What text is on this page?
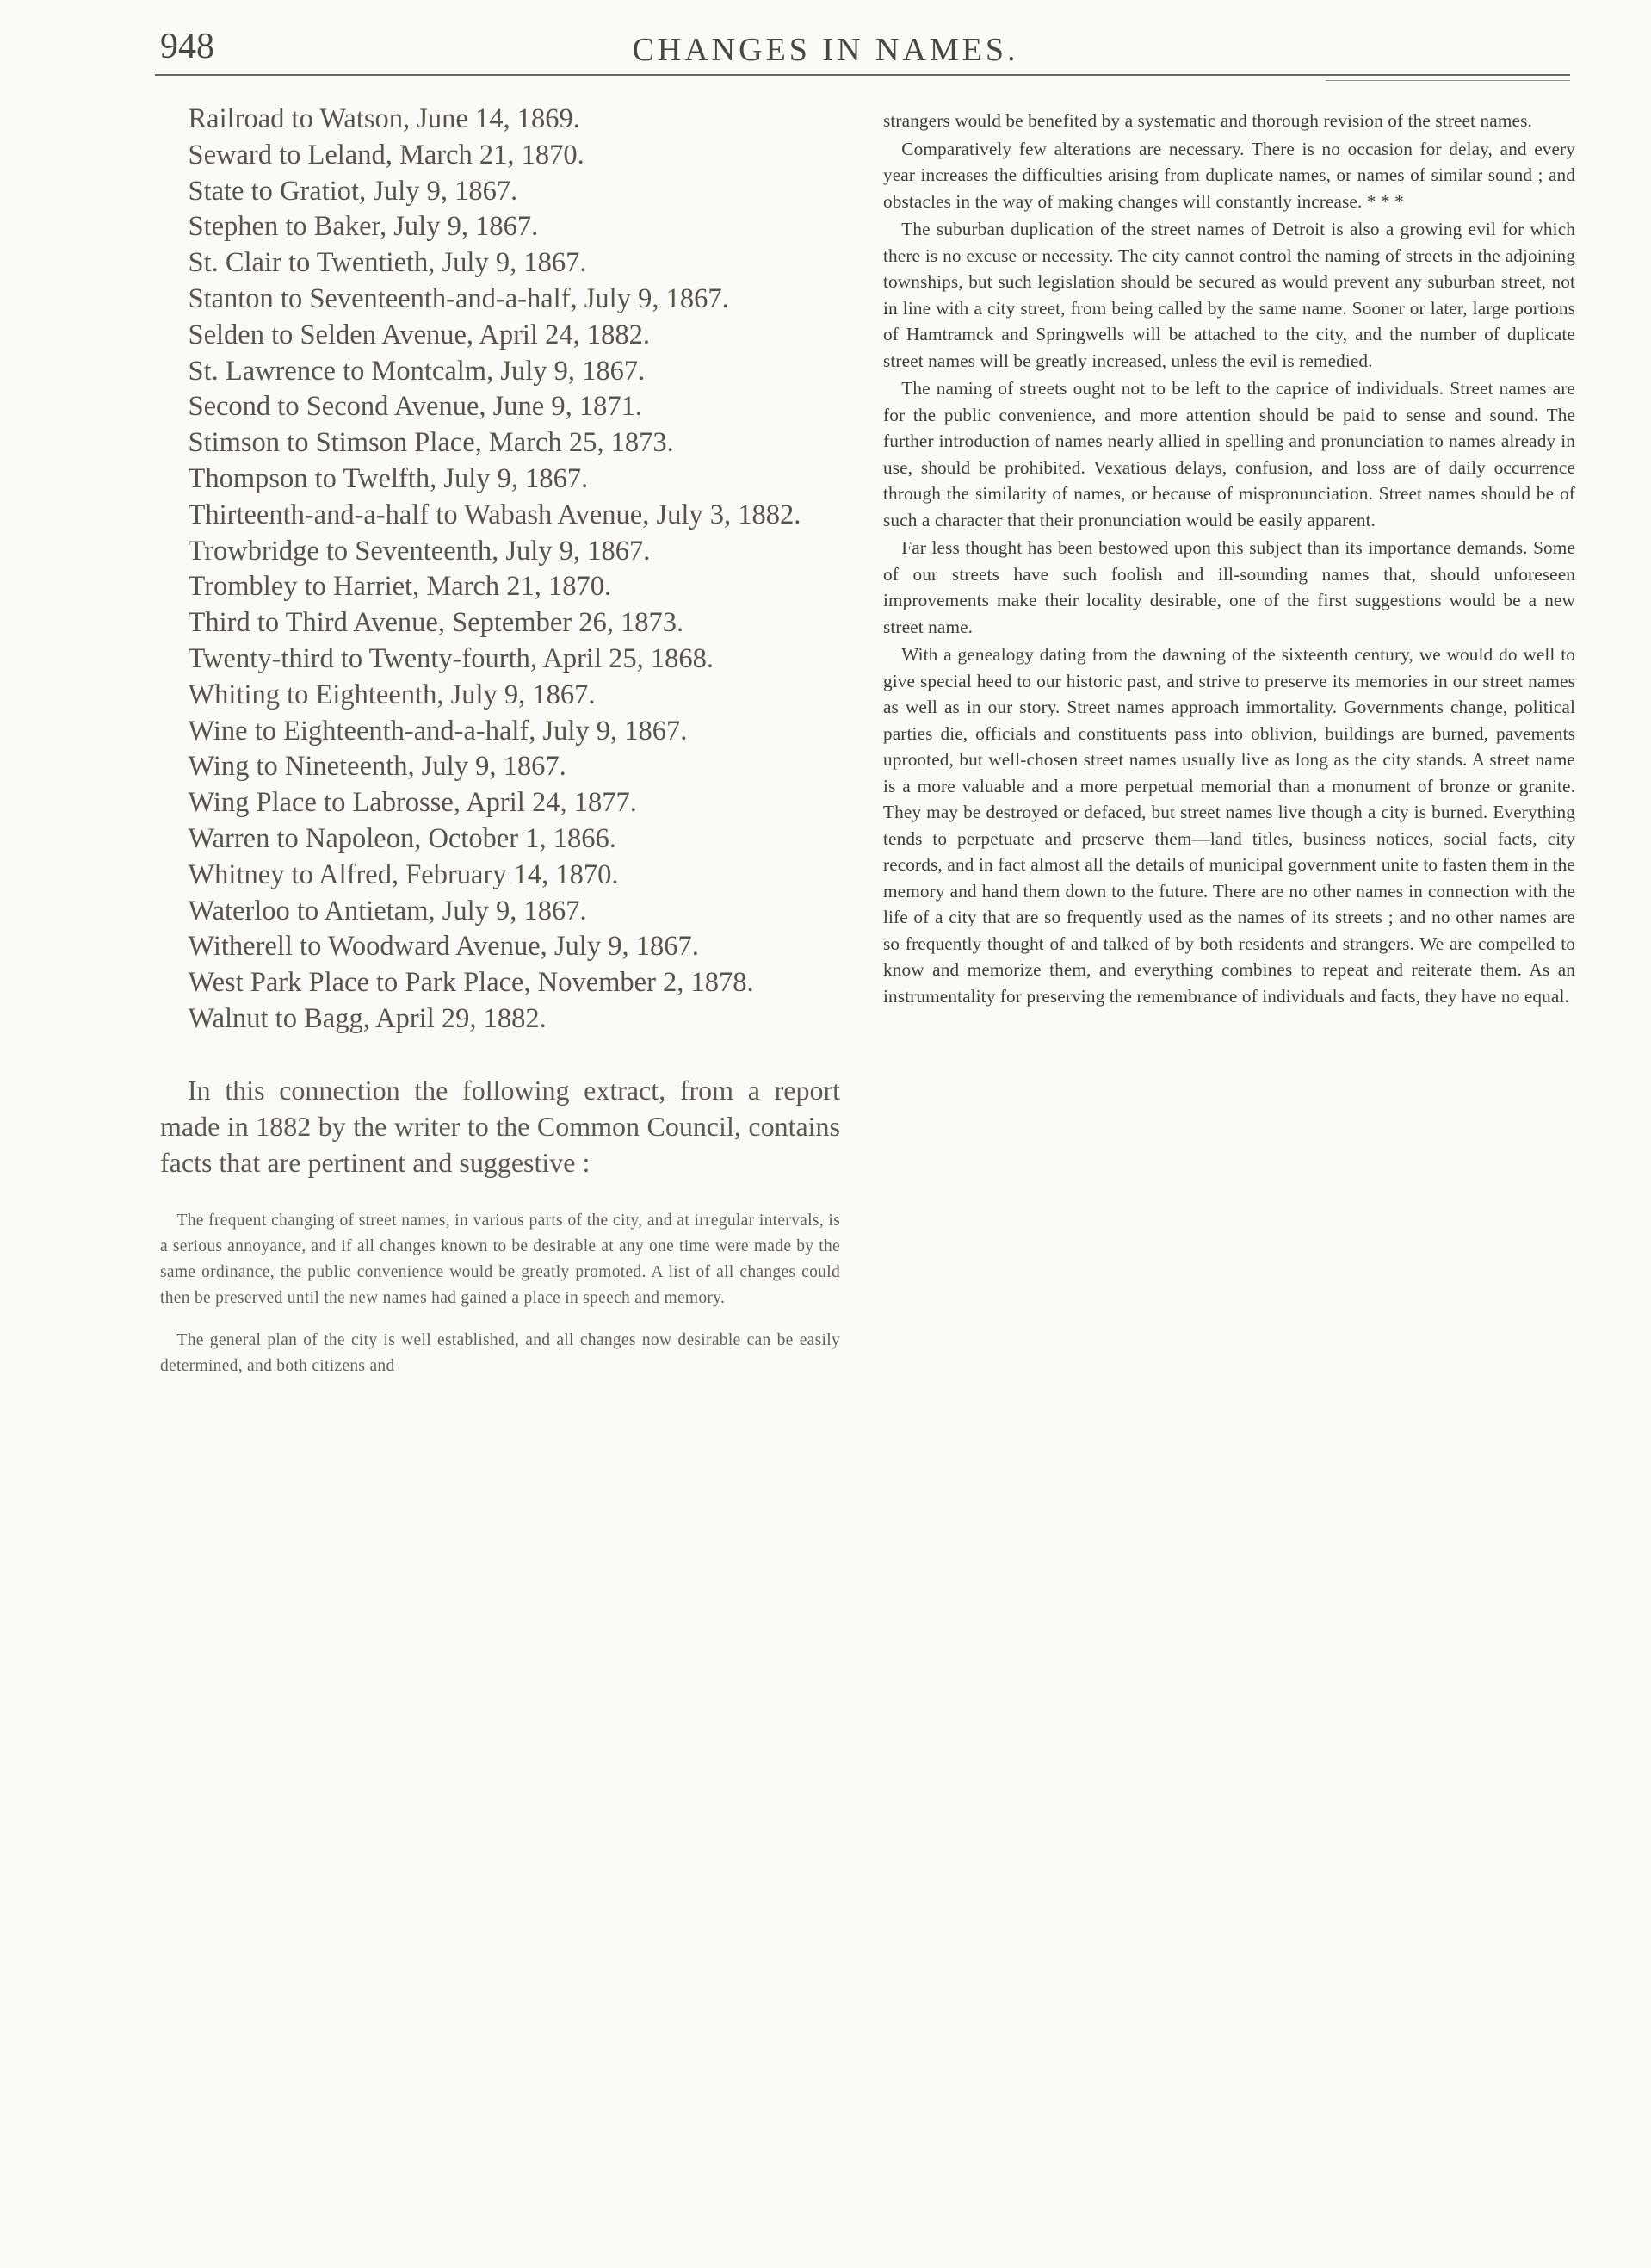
948	CHANGES IN NAMES.
Railroad to Watson, June 14, 1869.
Seward to Leland, March 21, 1870.
State to Gratiot, July 9, 1867.
Stephen to Baker, July 9, 1867.
St. Clair to Twentieth, July 9, 1867.
Stanton to Seventeenth-and-a-half, July 9, 1867.
Selden to Selden Avenue, April 24, 1882.
St. Lawrence to Montcalm, July 9, 1867.
Second to Second Avenue, June 9, 1871.
Stimson to Stimson Place, March 25, 1873.
Thompson to Twelfth, July 9, 1867.
Thirteenth-and-a-half to Wabash Avenue, July 3, 1882.
Trowbridge to Seventeenth, July 9, 1867.
Trombley to Harriet, March 21, 1870.
Third to Third Avenue, September 26, 1873.
Twenty-third to Twenty-fourth, April 25, 1868.
Whiting to Eighteenth, July 9, 1867.
Wine to Eighteenth-and-a-half, July 9, 1867.
Wing to Nineteenth, July 9, 1867.
Wing Place to Labrosse, April 24, 1877.
Warren to Napoleon, October 1, 1866.
Whitney to Alfred, February 14, 1870.
Waterloo to Antietam, July 9, 1867.
Witherell to Woodward Avenue, July 9, 1867.
West Park Place to Park Place, November 2, 1878.
Walnut to Bagg, April 29, 1882.

In this connection the following extract, from a report made in 1882 by the writer to the Common Council, contains facts that are pertinent and suggestive :

The frequent changing of street names, in various parts of the city, and at irregular intervals, is a serious annoyance, and if all changes known to be desirable at any one time were made by the same ordinance, the public convenience would be greatly promoted. A list of all changes could then be preserved until the new names had gained a place in speech and memory.

The general plan of the city is well established, and all changes now desirable can be easily determined, and both citizens and

strangers would be benefited by a systematic and thorough revision of the street names.

Comparatively few alterations are necessary. There is no occasion for delay, and every year increases the difficulties arising from duplicate names, or names of similar sound ; and obstacles in the way of making changes will constantly increase. * * *

The suburban duplication of the street names of Detroit is also a growing evil for which there is no excuse or necessity. The city cannot control the naming of streets in the adjoining townships, but such legislation should be secured as would prevent any suburban street, not in line with a city street, from being called by the same name. Sooner or later, large portions of Hamtramck and Springwells will be attached to the city, and the number of duplicate street names will be greatly increased, unless the evil is remedied.

The naming of streets ought not to be left to the caprice of individuals. Street names are for the public convenience, and more attention should be paid to sense and sound. The further introduction of names nearly allied in spelling and pronunciation to names already in use, should be prohibited. Vexatious delays, confusion, and loss are of daily occurrence through the similarity of names, or because of mispronunciation. Street names should be of such a character that their pronunciation would be easily apparent.

Far less thought has been bestowed upon this subject than its importance demands. Some of our streets have such foolish and ill-sounding names that, should unforeseen improvements make their locality desirable, one of the first suggestions would be a new street name.

With a genealogy dating from the dawning of the sixteenth century, we would do well to give special heed to our historic past, and strive to preserve its memories in our street names as well as in our story. Street names approach immortality. Governments change, political parties die, officials and constituents pass into oblivion, buildings are burned, pavements uprooted, but well-chosen street names usually live as long as the city stands. A street name is a more valuable and a more perpetual memorial than a monument of bronze or granite. They may be destroyed or defaced, but street names live though a city is burned. Everything tends to perpetuate and preserve them—land titles, business notices, social facts, city records, and in fact almost all the details of municipal government unite to fasten them in the memory and hand them down to the future. There are no other names in connection with the life of a city that are so frequently used as the names of its streets ; and no other names are so frequently thought of and talked of by both residents and strangers. We are compelled to know and memorize them, and everything combines to repeat and reiterate them. As an instrumentality for preserving the remembrance of individuals and facts, they have no equal.
